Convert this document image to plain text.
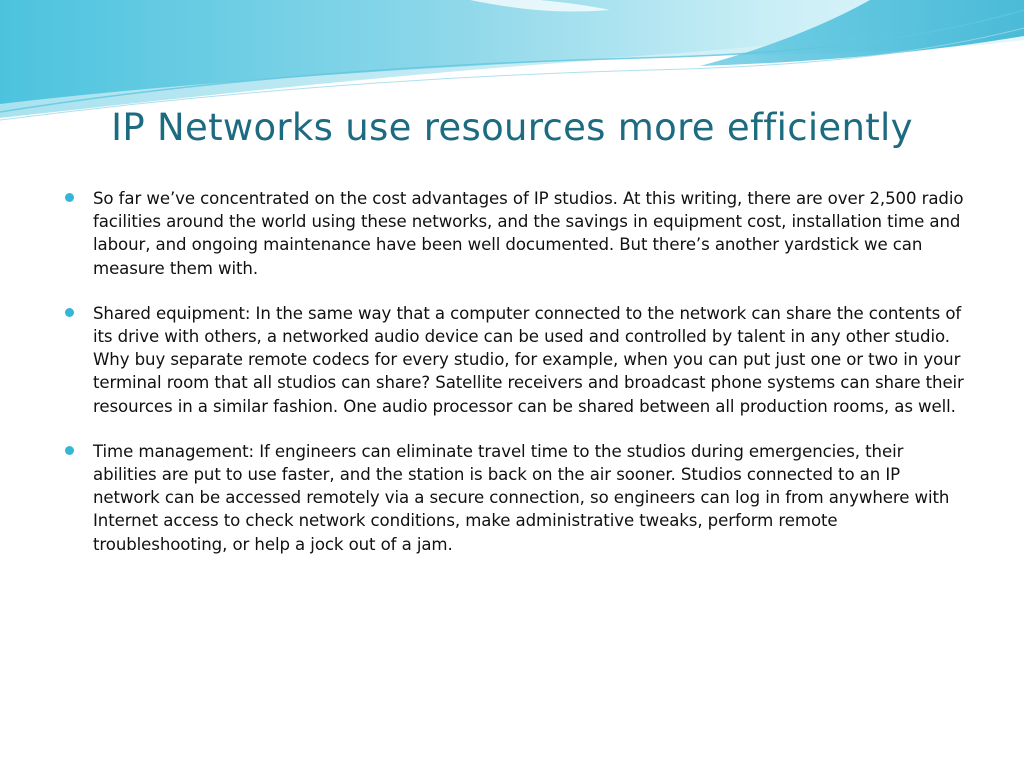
IP Networks use resources more efficiently
So far we’ve concentrated on the cost advantages of IP studios. At this writing, there are over 2,500 radio facilities around the world using these networks, and the savings in equipment cost, installation time and labour, and ongoing maintenance have been well documented. But there’s another yardstick we can measure them with.
Shared equipment: In the same way that a computer connected to the network can share the contents of its drive with others, a networked audio device can be used and controlled by talent in any other studio. Why buy separate remote codecs for every studio, for example, when you can put just one or two in your terminal room that all studios can share? Satellite receivers and broadcast phone systems can share their resources in a similar fashion. One audio processor can be shared between all production rooms, as well.
Time management: If engineers can eliminate travel time to the studios during emergencies, their abilities are put to use faster, and the station is back on the air sooner. Studios connected to an IP network can be accessed remotely via a secure connection, so engineers can log in from anywhere with Internet access to check network conditions, make administrative tweaks, perform remote troubleshooting, or help a jock out of a jam.
